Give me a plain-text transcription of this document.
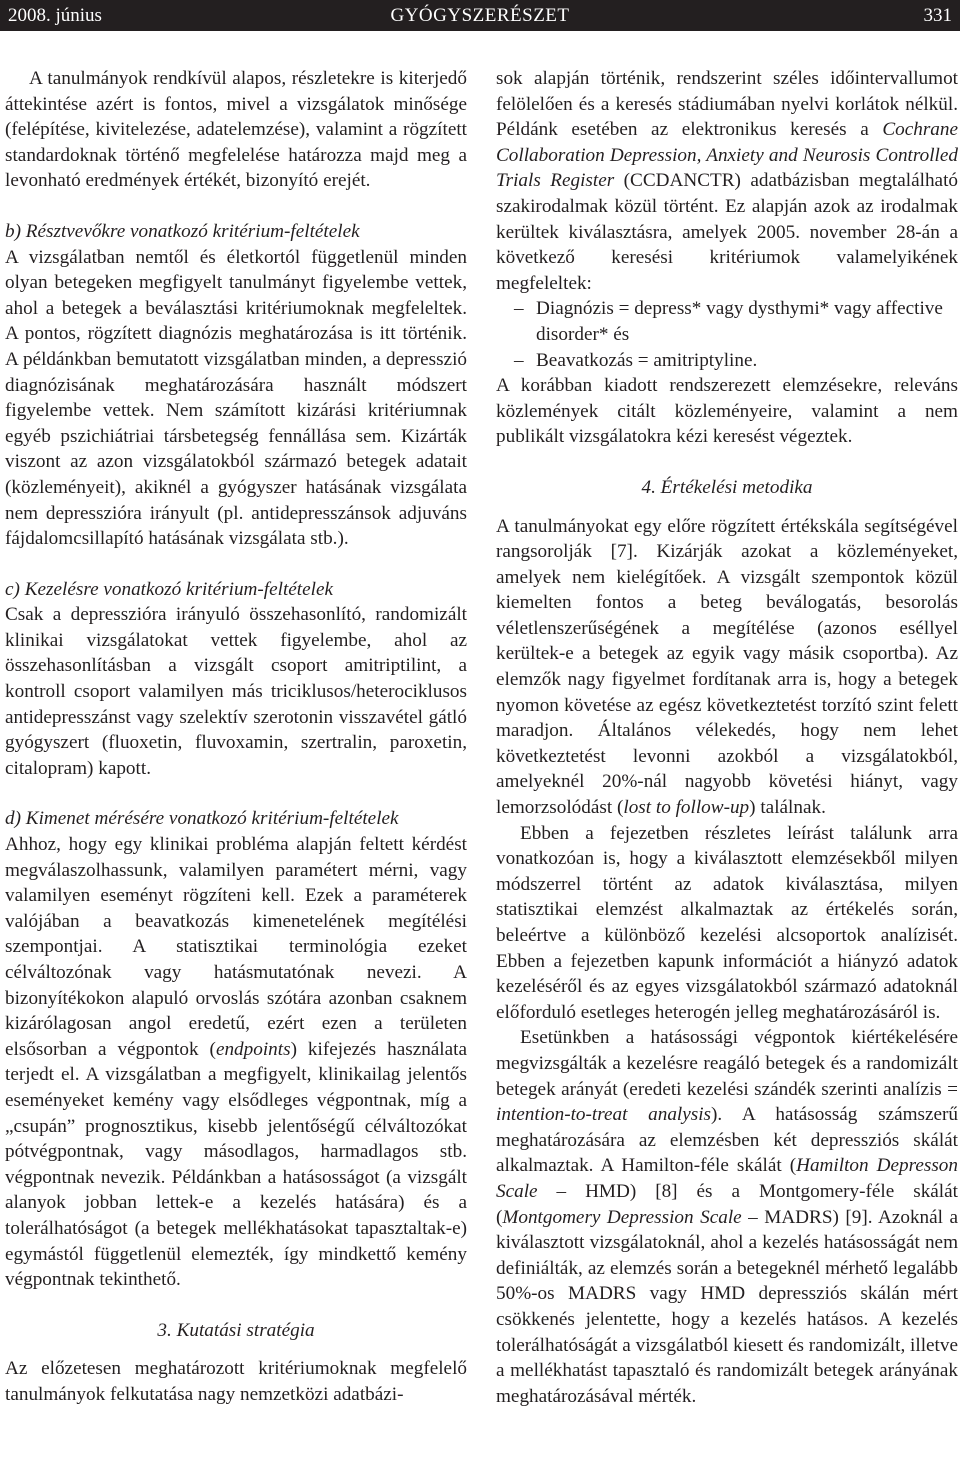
2008. június	GYÓGYSZERÉSZET	331

A tanulmányok rendkívül alapos, részletekre is kiterjedő áttekintése azért is fontos, mivel a vizsgálatok minősége (felépítése, kivitelezése, adatelemzése), valamint a rögzített standardoknak történő megfelelése határozza majd meg a levonható eredmények értékét, bizonyító erejét.

b) Résztvevőkre vonatkozó kritérium-feltételek

A vizsgálatban nemtől és életkortól függetlenül minden olyan betegeken megfigyelt tanulmányt figyelembe vettek, ahol a betegek a beválasztási kritériumoknak megfeleltek. A pontos, rögzített diagnózis meghatározása is itt történik. A példánkban bemutatott vizsgálatban minden, a depresszió diagnózisának meghatározására használt módszert figyelembe vettek. Nem számított kizárási kritériumnak egyéb pszichiátriai társbetegség fennállása sem. Kizárták viszont az azon vizsgálatokból származó betegek adatait (közleményeit), akiknél a gyógyszer hatásának vizsgálata nem depresszióra irányult (pl. antidepresszánsok adjuváns fájdalomcsillapító hatásának vizsgálata stb.).

c) Kezelésre vonatkozó kritérium-feltételek

Csak a depresszióra irányuló összehasonlító, randomizált klinikai vizsgálatokat vettek figyelembe, ahol az összehasonlításban a vizsgált csoport amitriptilint, a kontroll csoport valamilyen más triciklusos/heterociklusos antidepresszánst vagy szelektív szerotonin visszavétel gátló gyógyszert (fluoxetin, fluvoxamin, szertralin, paroxetin, citalopram) kapott.

d) Kimenet mérésére vonatkozó kritérium-feltételek

Ahhoz, hogy egy klinikai probléma alapján feltett kérdést megválaszolhassunk, valamilyen paramétert mérni, vagy valamilyen eseményt rögzíteni kell. Ezek a paraméterek valójában a beavatkozás kimenetelének megítélési szempontjai. A statisztikai terminológia ezeket célváltozónak vagy hatásmutatónak nevezi. A bizonyítékokon alapuló orvoslás szótára azonban csaknem kizárólagosan angol eredetű, ezért ezen a területen elsősorban a végpontok (endpoints) kifejezés használata terjedt el. A vizsgálatban a megfigyelt, klinikailag jelentős eseményeket kemény vagy elsődleges végpontnak, míg a „csupán” prognosztikus, kisebb jelentőségű célváltozókat pótvégpontnak, vagy másodlagos, harmadlagos stb. végpontnak nevezik. Példánkban a hatásosságot (a vizsgált alanyok jobban lettek-e a kezelés hatására) és a tolerálhatóságot (a betegek mellékhatásokat tapasztaltak-e) egymástól függetlenül elemezték, így mindkettő kemény végpontnak tekinthető.

3. Kutatási stratégia

Az előzetesen meghatározott kritériumoknak megfelelő tanulmányok felkutatása nagy nemzetközi adatbázi-

sok alapján történik, rendszerint széles időintervallumot felölelően és a keresés stádiumában nyelvi korlátok nélkül. Példánk esetében az elektronikus keresés a Cochrane Collaboration Depression, Anxiety and Neurosis Controlled Trials Register (CCDANCTR) adatbázisban megtalálható szakirodalmak közül történt. Ez alapján azok az irodalmak kerültek kiválasztásra, amelyek 2005. november 28-án a következő keresési kritériumok valamelyikének megfeleltek:

– Diagnózis = depress* vagy dysthymi* vagy affective disorder* és

– Beavatkozás = amitriptyline.

A korábban kiadott rendszerezett elemzésekre, releváns közlemények citált közleményeire, valamint a nem publikált vizsgálatokra kézi keresést végeztek.

4. Értékelési metodika

A tanulmányokat egy előre rögzített értékskála segítségével rangsorolják [7]. Kizárják azokat a közleményeket, amelyek nem kielégítőek. A vizsgált szempontok közül kiemelten fontos a beteg beválogatás, besorolás véletlenszerűségének a megítélése (azonos eséllyel kerültek-e a betegek az egyik vagy másik csoportba). Az elemzők nagy figyelmet fordítanak arra is, hogy a betegek nyomon követése az egész következtetést torzító szint felett maradjon. Általános vélekedés, hogy nem lehet következtetést levonni azokból a vizsgálatokból, amelyeknél 20%-nál nagyobb követési hiányt, vagy lemorzsolódást (lost to follow-up) találnak.

Ebben a fejezetben részletes leírást találunk arra vonatkozóan is, hogy a kiválasztott elemzésekből milyen módszerrel történt az adatok kiválasztása, milyen statisztikai elemzést alkalmaztak az értékelés során, beleértve a különböző kezelési alcsoportok analízisét. Ebben a fejezetben kapunk információt a hiányzó adatok kezeléséről és az egyes vizsgálatokból származó adatoknál előforduló esetleges heterogén jelleg meghatározásáról is.

Esetünkben a hatásossági végpontok kiértékelésére megvizsgálták a kezelésre reagáló betegek és a randomizált betegek arányát (eredeti kezelési szándék szerinti analízis = intention-to-treat analysis). A hatásosság számszerű meghatározására az elemzésben két depressziós skálát alkalmaztak. A Hamilton-féle skálát (Hamilton Depresson Scale – HMD) [8] és a Montgomery-féle skálát (Montgomery Depression Scale – MADRS) [9]. Azoknál a kiválasztott vizsgálatoknál, ahol a kezelés hatásosságát nem definiálták, az elemzés során a betegeknél mérhető legalább 50%-os MADRS vagy HMD depressziós skálán mért csökkenés jelentette, hogy a kezelés hatásos. A kezelés tolerálhatóságát a vizsgálatból kiesett és randomizált, illetve a mellékhatást tapasztaló és randomizált betegek arányának meghatározásával mérték.
